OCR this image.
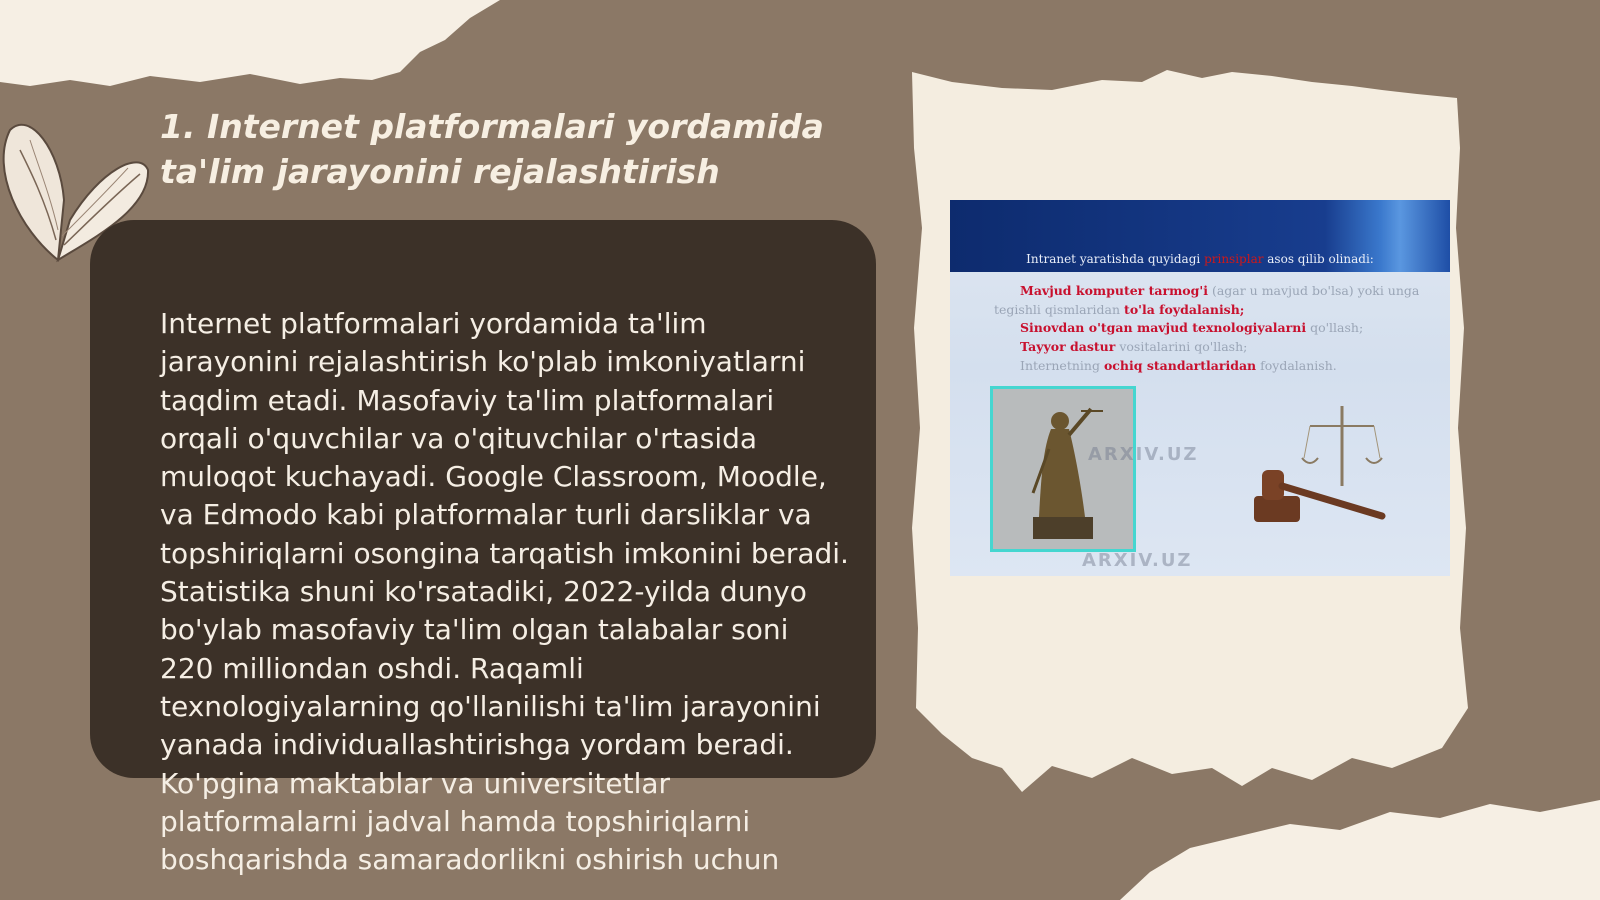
1. Internet platformalari yordamida ta'lim jarayonini rejalashtirish

Internet platformalari yordamida ta'lim jarayonini rejalashtirish ko'plab imkoniyatlarni taqdim etadi. Masofaviy ta'lim platformalari orqali o'quvchilar va o'qituvchilar o'rtasida muloqot kuchayadi. Google Classroom, Moodle, va Edmodo kabi platformalar turli darsliklar va topshiriqlarni osongina tarqatish imkonini beradi. Statistika shuni ko'rsatadiki, 2022-yilda dunyo bo'ylab masofaviy ta'lim olgan talabalar soni 220 milliondan oshdi. Raqamli texnologiyalarning qo'llanilishi ta'lim jarayonini yanada individuallashtirishga yordam beradi. Ko'pgina maktablar va universitetlar platformalarni jadval hamda topshiriqlarni boshqarishda samaradorlikni oshirish uchun

Intranet yaratishda quyidagi prinsiplar asos qilib olinadi:
Mavjud komputer tarmog'i (agar u mavjud bo'lsa) yoki unga
tegishli qismlaridan to'la foydalanish;
Sinovdan o'tgan mavjud texnologiyalarni qo'llash;
Tayyor dastur vositalarini qo'llash;
Internetning ochiq standartlaridan foydalanish.
ARXIV.UZ
ARXIV.UZ
